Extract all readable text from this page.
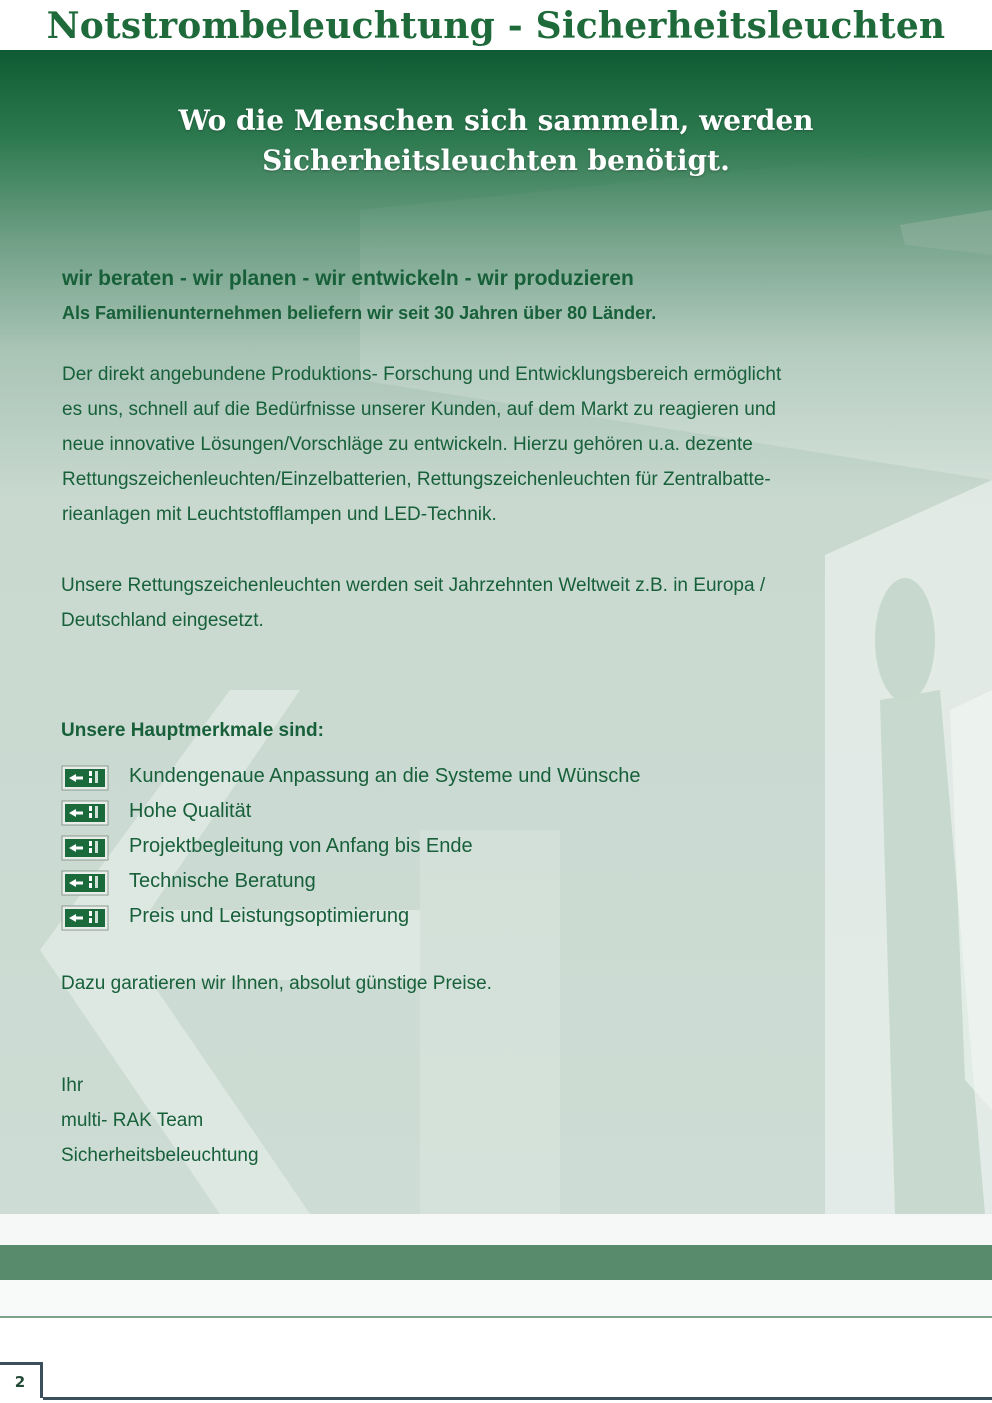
Notstrombeleuchtung - Sicherheitsleuchten
Wo die Menschen sich sammeln, werden
Sicherheitsleuchten benötigt.
wir beraten - wir planen - wir entwickeln - wir produzieren
Als Familienunternehmen beliefern wir seit 30 Jahren über 80 Länder.
Der direkt angebundene Produktions- Forschung und Entwicklungsbereich ermöglicht
es uns, schnell auf die Bedürfnisse unserer Kunden, auf dem Markt zu reagieren und
neue innovative Lösungen/Vorschläge zu entwickeln. Hierzu gehören u.a. dezente
Rettungszeichenleuchten/Einzelbatterien, Rettungszeichenleuchten für Zentralbatte-
rieanlagen mit Leuchtstofflampen und LED-Technik.
Unsere Rettungszeichenleuchten werden seit Jahrzehnten Weltweit z.B. in Europa /
Deutschland eingesetzt.
Unsere Hauptmerkmale sind:
Kundengenaue Anpassung an die Systeme und Wünsche
Hohe Qualität
Projektbegleitung von Anfang bis Ende
Technische Beratung
Preis und Leistungsoptimierung
Dazu garatieren wir Ihnen, absolut günstige Preise.
Ihr
multi- RAK Team
Sicherheitsbeleuchtung
2
